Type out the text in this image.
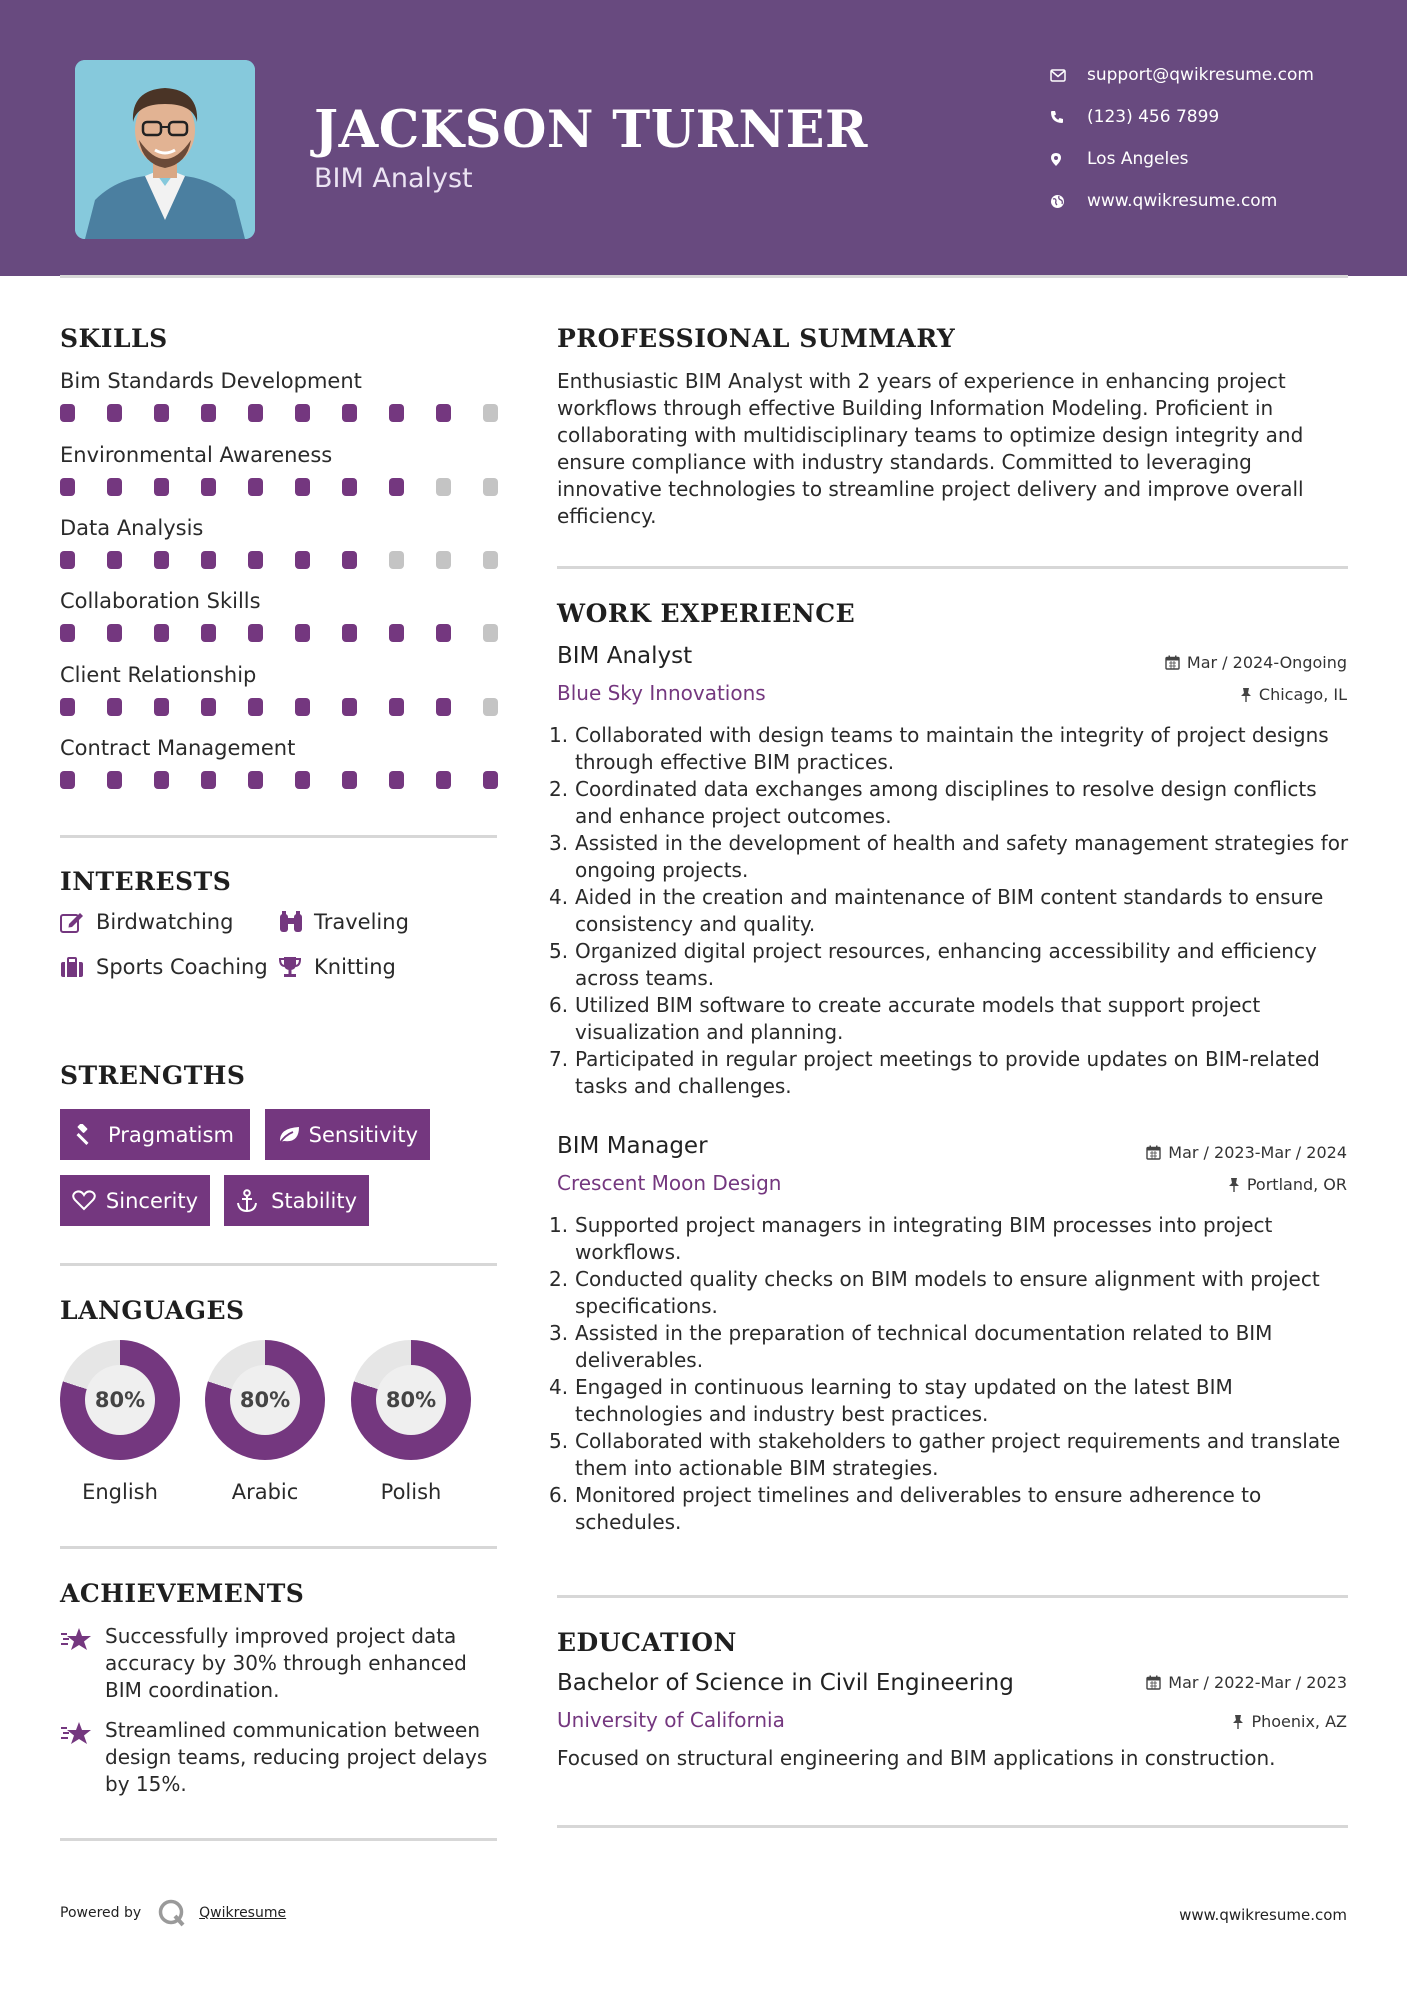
JACKSON TURNER
BIM Analyst
support@qwikresume.com
(123) 456 7899
Los Angeles
www.qwikresume.com
SKILLS
Bim Standards Development
Environmental Awareness
Data Analysis
Collaboration Skills
Client Relationship
Contract Management
INTERESTS
Birdwatching	Traveling
Sports Coaching Knitting
STRENGTHS
Pragmatism	Sensitivity
Sincerity	Stability
LANGUAGES
80%
English
80%
Arabic
80%
Polish
ACHIEVEMENTS
Successfully improved project data accuracy by 30% through enhanced BIM coordination.
Streamlined communication between design teams, reducing project delays by 15%.
PROFESSIONAL SUMMARY
Enthusiastic BIM Analyst with 2 years of experience in enhancing project workflows through effective Building Information Modeling. Proficient in collaborating with multidisciplinary teams to optimize design integrity and ensure compliance with industry standards. Committed to leveraging innovative technologies to streamline project delivery and improve overall efficiency.
WORK EXPERIENCE
BIM Analyst	Mar / 2024-Ongoing
Blue Sky Innovations	Chicago, IL
1. Collaborated with design teams to maintain the integrity of project designs through effective BIM practices.
2. Coordinated data exchanges among disciplines to resolve design conflicts and enhance project outcomes.
3. Assisted in the development of health and safety management strategies for ongoing projects.
4. Aided in the creation and maintenance of BIM content standards to ensure consistency and quality.
5. Organized digital project resources, enhancing accessibility and efficiency across teams.
6. Utilized BIM software to create accurate models that support project visualization and planning.
7. Participated in regular project meetings to provide updates on BIM-related tasks and challenges.
BIM Manager	Mar / 2023-Mar / 2024
Crescent Moon Design	Portland, OR
1. Supported project managers in integrating BIM processes into project workflows.
2. Conducted quality checks on BIM models to ensure alignment with project specifications.
3. Assisted in the preparation of technical documentation related to BIM deliverables.
4. Engaged in continuous learning to stay updated on the latest BIM technologies and industry best practices.
5. Collaborated with stakeholders to gather project requirements and translate them into actionable BIM strategies.
6. Monitored project timelines and deliverables to ensure adherence to schedules.
EDUCATION
Bachelor of Science in Civil Engineering	Mar / 2022-Mar / 2023
University of California	Phoenix, AZ
Focused on structural engineering and BIM applications in construction.
Powered by	Qwikresume	www.qwikresume.com
